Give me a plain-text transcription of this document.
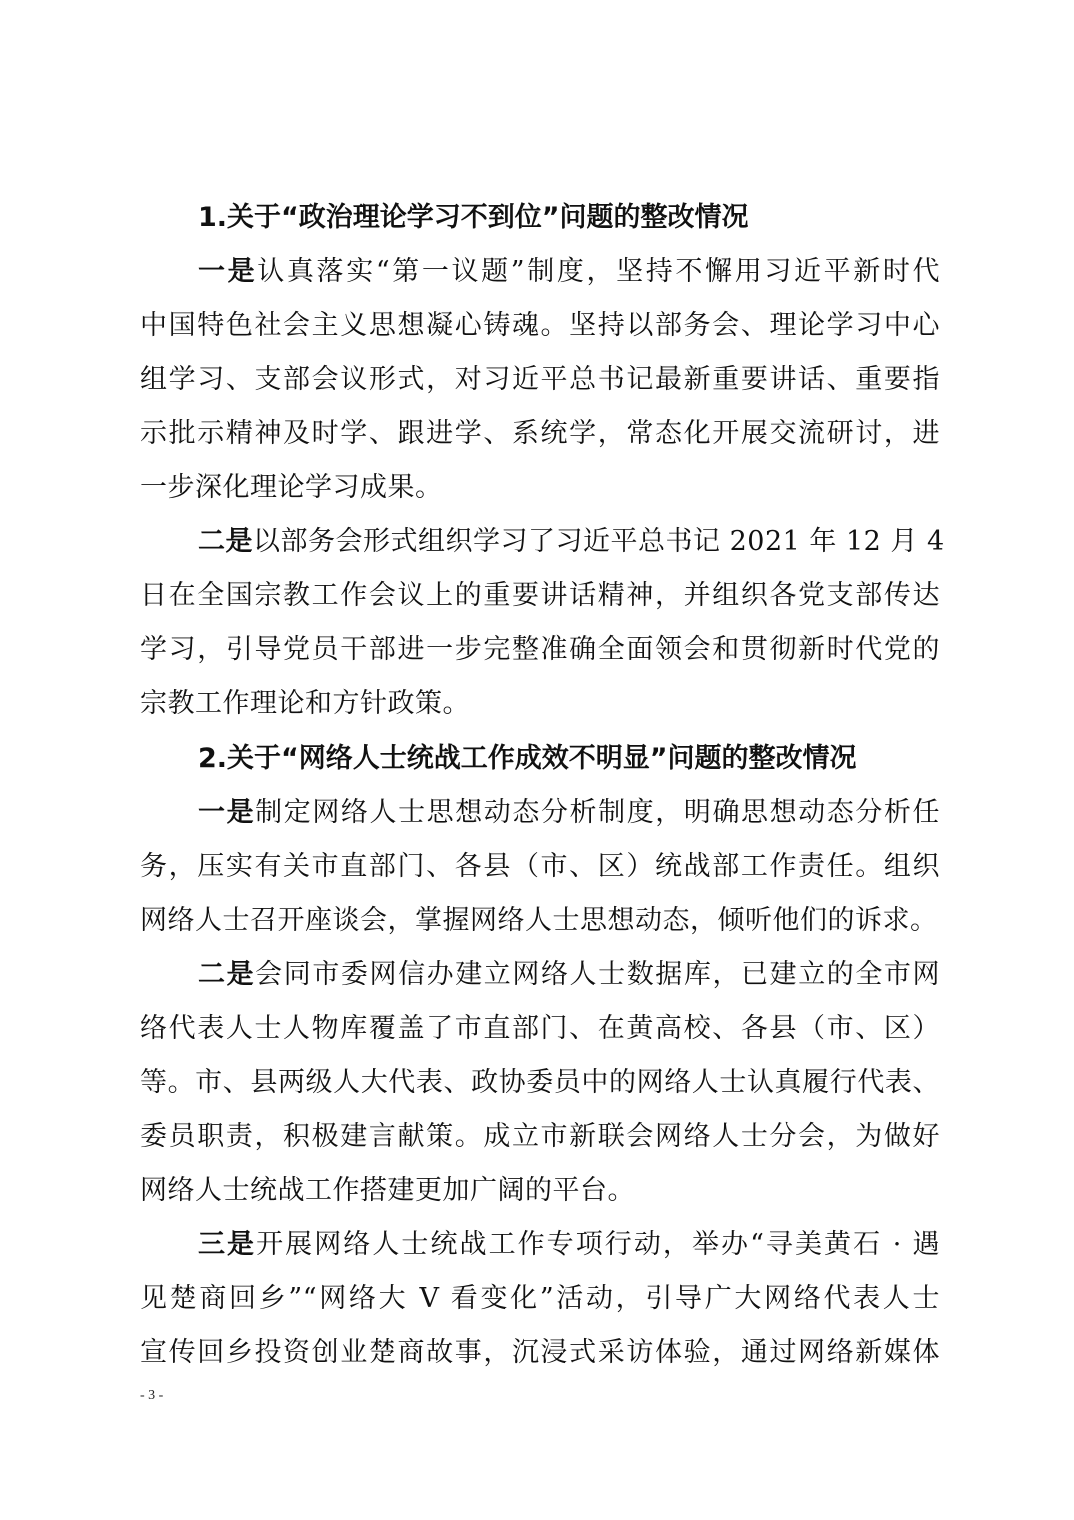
1.关于“政治理论学习不到位”问题的整改情况
一是认真落实“第一议题”制度，坚持不懈用习近平新时代
中国特色社会主义思想凝心铸魂。坚持以部务会、理论学习中心
组学习、支部会议形式，对习近平总书记最新重要讲话、重要指
示批示精神及时学、跟进学、系统学，常态化开展交流研讨，进
一步深化理论学习成果。
二是以部务会形式组织学习了习近平总书记 2021 年 12 月 4
日在全国宗教工作会议上的重要讲话精神，并组织各党支部传达
学习，引导党员干部进一步完整准确全面领会和贯彻新时代党的
宗教工作理论和方针政策。
2.关于“网络人士统战工作成效不明显”问题的整改情况
一是制定网络人士思想动态分析制度，明确思想动态分析任
务，压实有关市直部门、各县（市、区）统战部工作责任。组织
网络人士召开座谈会，掌握网络人士思想动态，倾听他们的诉求。
二是会同市委网信办建立网络人士数据库，已建立的全市网
络代表人士人物库覆盖了市直部门、在黄高校、各县（市、区）
等。市、县两级人大代表、政协委员中的网络人士认真履行代表、
委员职责，积极建言献策。成立市新联会网络人士分会，为做好
网络人士统战工作搭建更加广阔的平台。
三是开展网络人士统战工作专项行动，举办“寻美黄石 · 遇
见楚商回乡”“网络大 V 看变化”活动，引导广大网络代表人士
宣传回乡投资创业楚商故事，沉浸式采访体验，通过网络新媒体
- 3 -
